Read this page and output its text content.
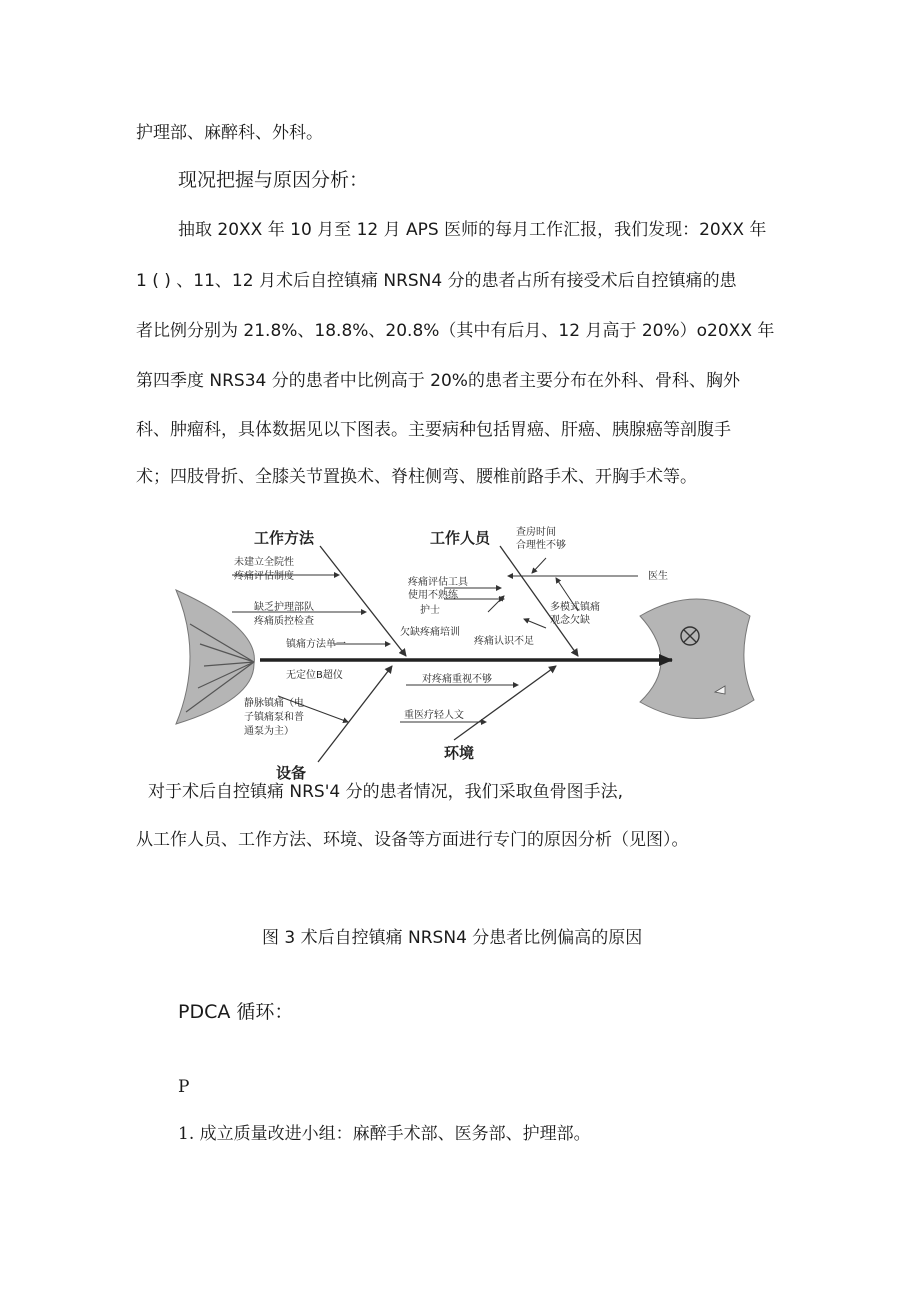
护理部、麻醉科、外科。

现况把握与原因分析：

抽取 20XX 年 10 月至 12 月 APS 医师的每月工作汇报，我们发现：20XX 年

1 ( ) 、11、12 月术后自控镇痛 NRSN4 分的患者占所有接受术后自控镇痛的患

者比例分别为 21.8%、18.8%、20.8%（其中有后月、12 月高于 20%）o20XX 年

第四季度 NRS34 分的患者中比例高于 20%的患者主要分布在外科、骨科、胸外

科、肿瘤科，具体数据见以下图表。主要病种包括胃癌、肝癌、胰腺癌等剖腹手

术；四肢骨折、全膝关节置换术、脊柱侧弯、腰椎前路手术、开胸手术等。

工作方法	工作人员
设备
环境
未建立全院性
疼痛评估制度
缺乏护理部队
疼痛质控检查
镇痛方法单一
查房时间
合理性不够
医生
疼痛评估工具
使用不熟练
护士	多模式镇痛
观念欠缺
欠缺疼痛培训
疼痛认识不足
无定位B超仪
静脉镇痛（电
子镇痛泵和普
通泵为主）
对疼痛重视不够
重医疗轻人文

对于术后自控镇痛 NRS'4 分的患者情况，我们采取鱼骨图手法,

从工作人员、工作方法、环境、设备等方面进行专门的原因分析（见图）。

图 3 术后自控镇痛 NRSN4 分患者比例偏高的原因

PDCA 循环：

P

1. 成立质量改进小组：麻醉手术部、医务部、护理部。
